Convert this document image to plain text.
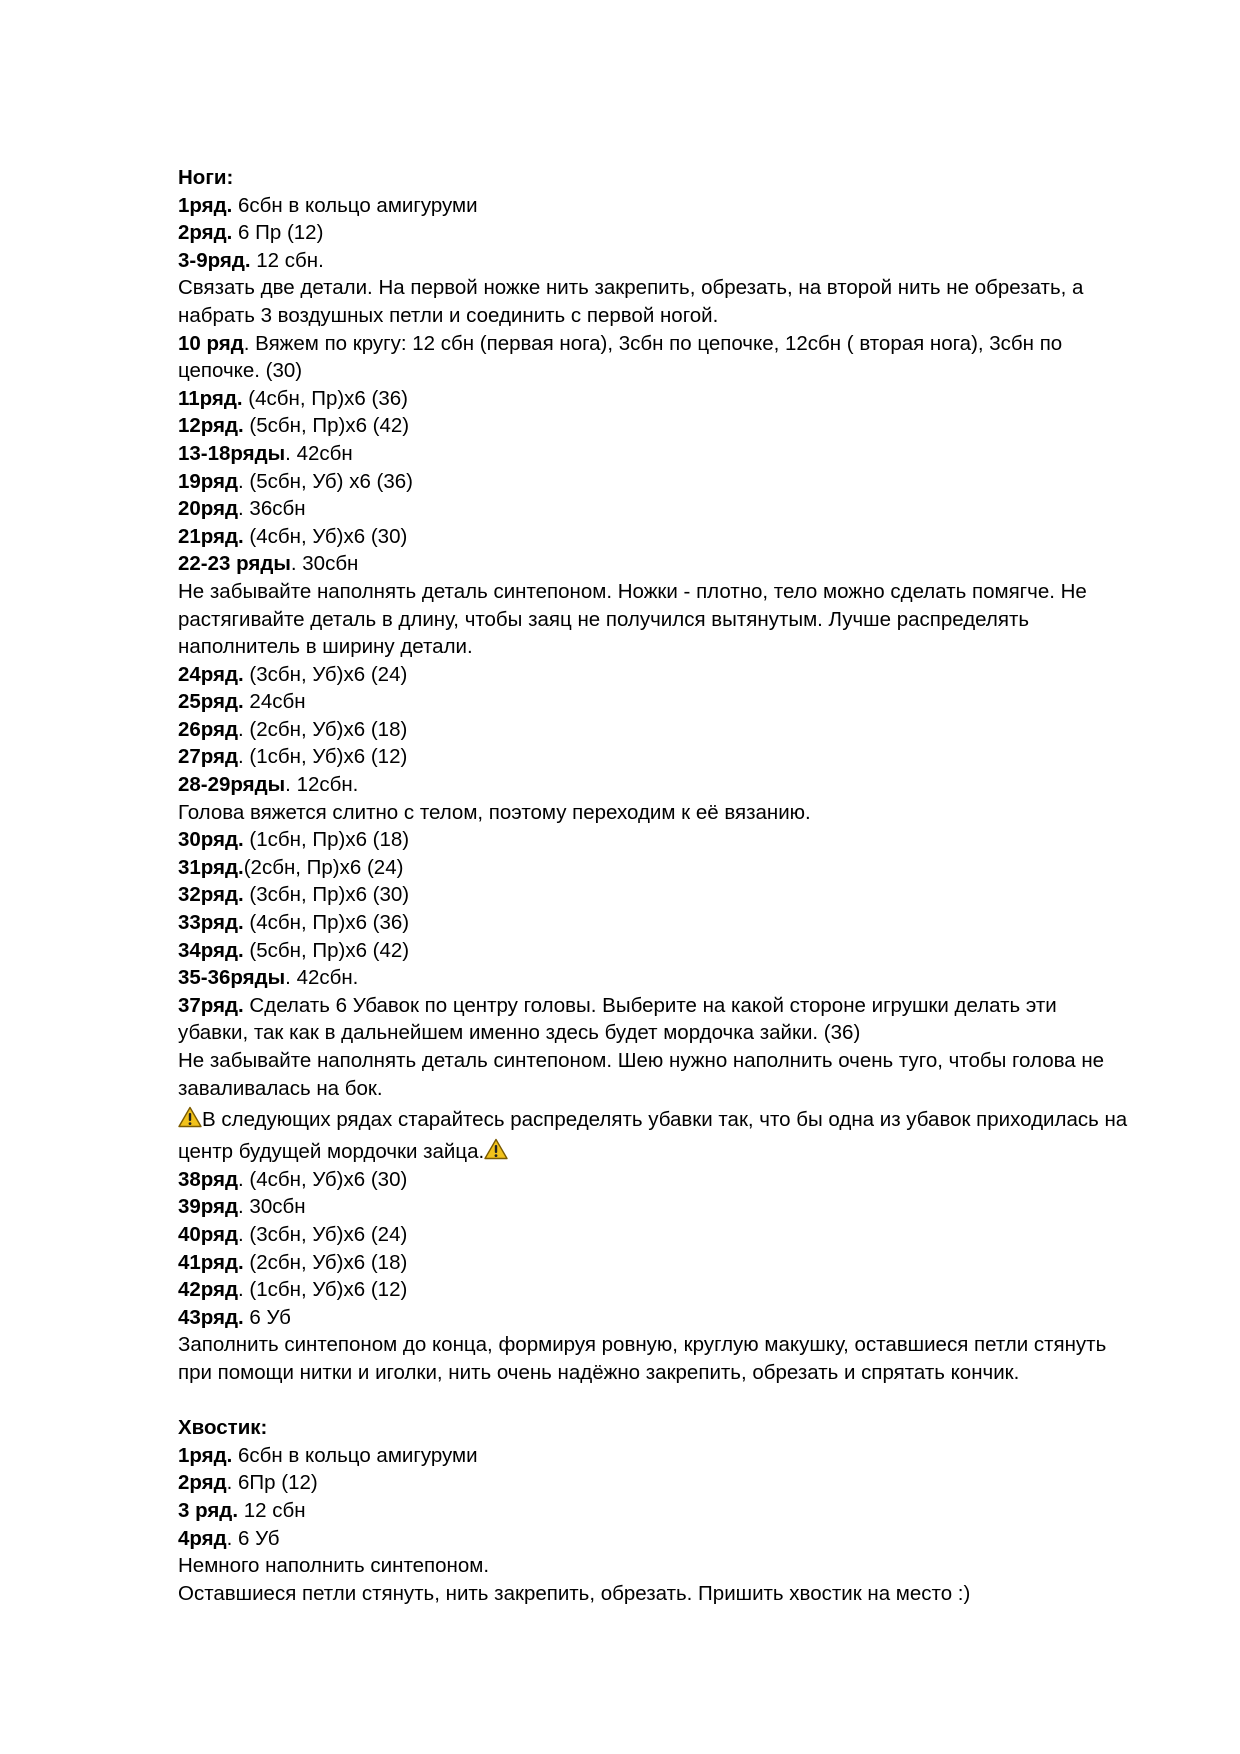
Ноги:
1ряд. 6сбн в кольцо амигуруми
2ряд. 6 Пр (12)
3-9ряд. 12 сбн.
Связать две детали. На первой ножке нить закрепить, обрезать, на второй нить не обрезать, а
набрать 3 воздушных петли и соединить с первой ногой.
10 ряд. Вяжем по кругу: 12 сбн (первая нога), 3сбн по цепочке, 12сбн ( вторая нога), 3сбн по
цепочке. (30)
11ряд. (4сбн, Пр)х6 (36)
12ряд. (5сбн, Пр)х6 (42)
13-18ряды. 42сбн
19ряд. (5сбн, Уб) х6 (36)
20ряд. 36сбн
21ряд. (4сбн, Уб)х6 (30)
22-23 ряды. 30сбн
Не забывайте наполнять деталь синтепоном. Ножки - плотно, тело можно сделать помягче. Не
растягивайте деталь в длину, чтобы заяц не получился вытянутым. Лучше распределять
наполнитель в ширину детали.
24ряд. (3сбн, Уб)х6 (24)
25ряд. 24сбн
26ряд. (2сбн, Уб)х6 (18)
27ряд. (1сбн, Уб)х6 (12)
28-29ряды. 12сбн.
Голова вяжется слитно с телом, поэтому переходим к её вязанию.
30ряд. (1сбн, Пр)х6 (18)
31ряд.(2сбн, Пр)х6 (24)
32ряд. (3сбн, Пр)х6 (30)
33ряд. (4сбн, Пр)х6 (36)
34ряд. (5сбн, Пр)х6 (42)
35-36ряды. 42сбн.
37ряд. Сделать 6 Убавок по центру головы. Выберите на какой стороне игрушки делать эти
убавки, так как в дальнейшем именно здесь будет мордочка зайки. (36)
Не забывайте наполнять деталь синтепоном. Шею нужно наполнить очень туго, чтобы голова не
заваливалась на бок.
В следующих рядах старайтесь распределять убавки так, что бы одна из убавок приходилась на
центр будущей мордочки зайца.
38ряд. (4сбн, Уб)х6 (30)
39ряд. 30сбн
40ряд. (3сбн, Уб)х6 (24)
41ряд. (2сбн, Уб)х6 (18)
42ряд. (1сбн, Уб)х6 (12)
43ряд. 6 Уб
Заполнить синтепоном до конца, формируя ровную, круглую макушку, оставшиеся петли стянуть
при помощи нитки и иголки, нить очень надёжно закрепить, обрезать и спрятать кончик.
Хвостик:
1ряд. 6сбн в кольцо амигуруми
2ряд. 6Пр (12)
3 ряд. 12 сбн
4ряд. 6 Уб
Немного наполнить синтепоном.
Оставшиеся петли стянуть, нить закрепить, обрезать. Пришить хвостик на место :)
